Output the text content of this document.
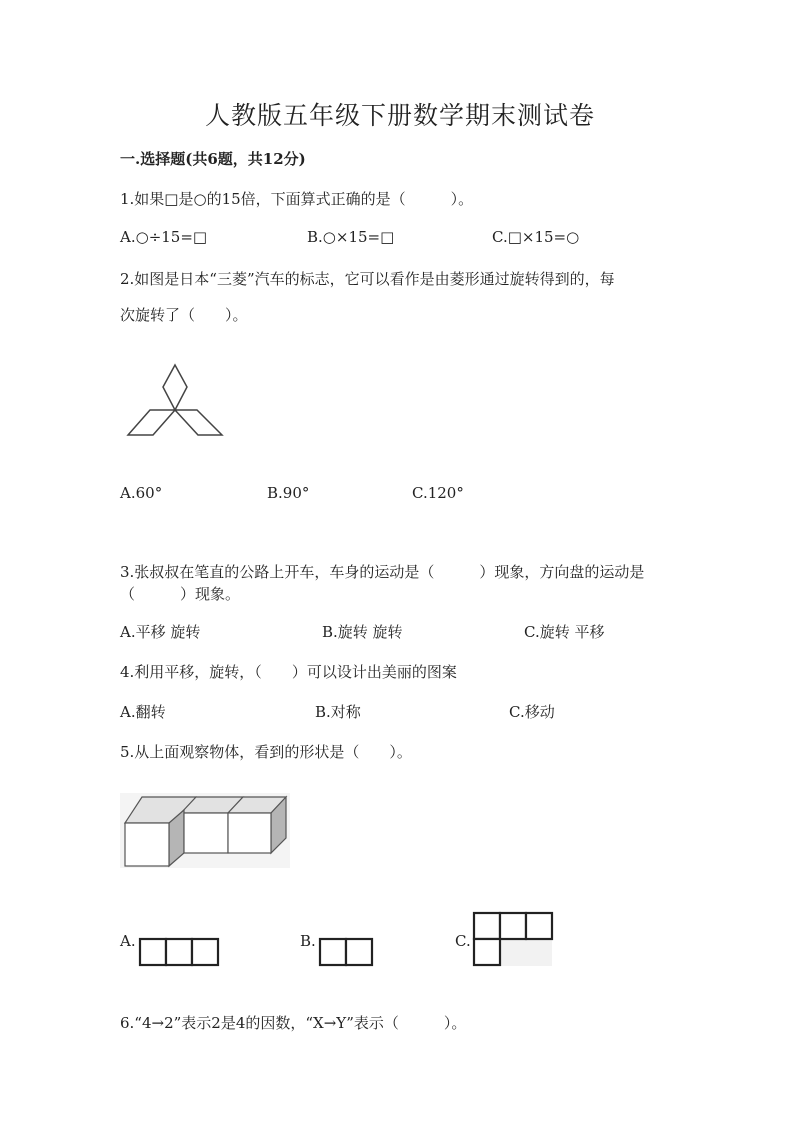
人教版五年级下册数学期末测试卷
一.选择题(共6题，共12分)
1.如果□是○的15倍，下面算式正确的是（　　　）。
A.○÷15=□	B.○×15=□	C.□×15=○
2.如图是日本“三菱”汽车的标志，它可以看作是由菱形通过旋转得到的，每
次旋转了（　　）。
A.60°	B.90°	C.120°
3.张叔叔在笔直的公路上开车，车身的运动是（　　　）现象，方向盘的运动是
（　　　）现象。
A.平移 旋转	B.旋转 旋转	C.旋转 平移
4.利用平移，旋转，（　　）可以设计出美丽的图案
A.翻转	B.对称	C.移动
5.从上面观察物体，看到的形状是（　　）。
A.	B.	C.
6.“4→2”表示2是4的因数，“X→Y”表示（　　　）。
